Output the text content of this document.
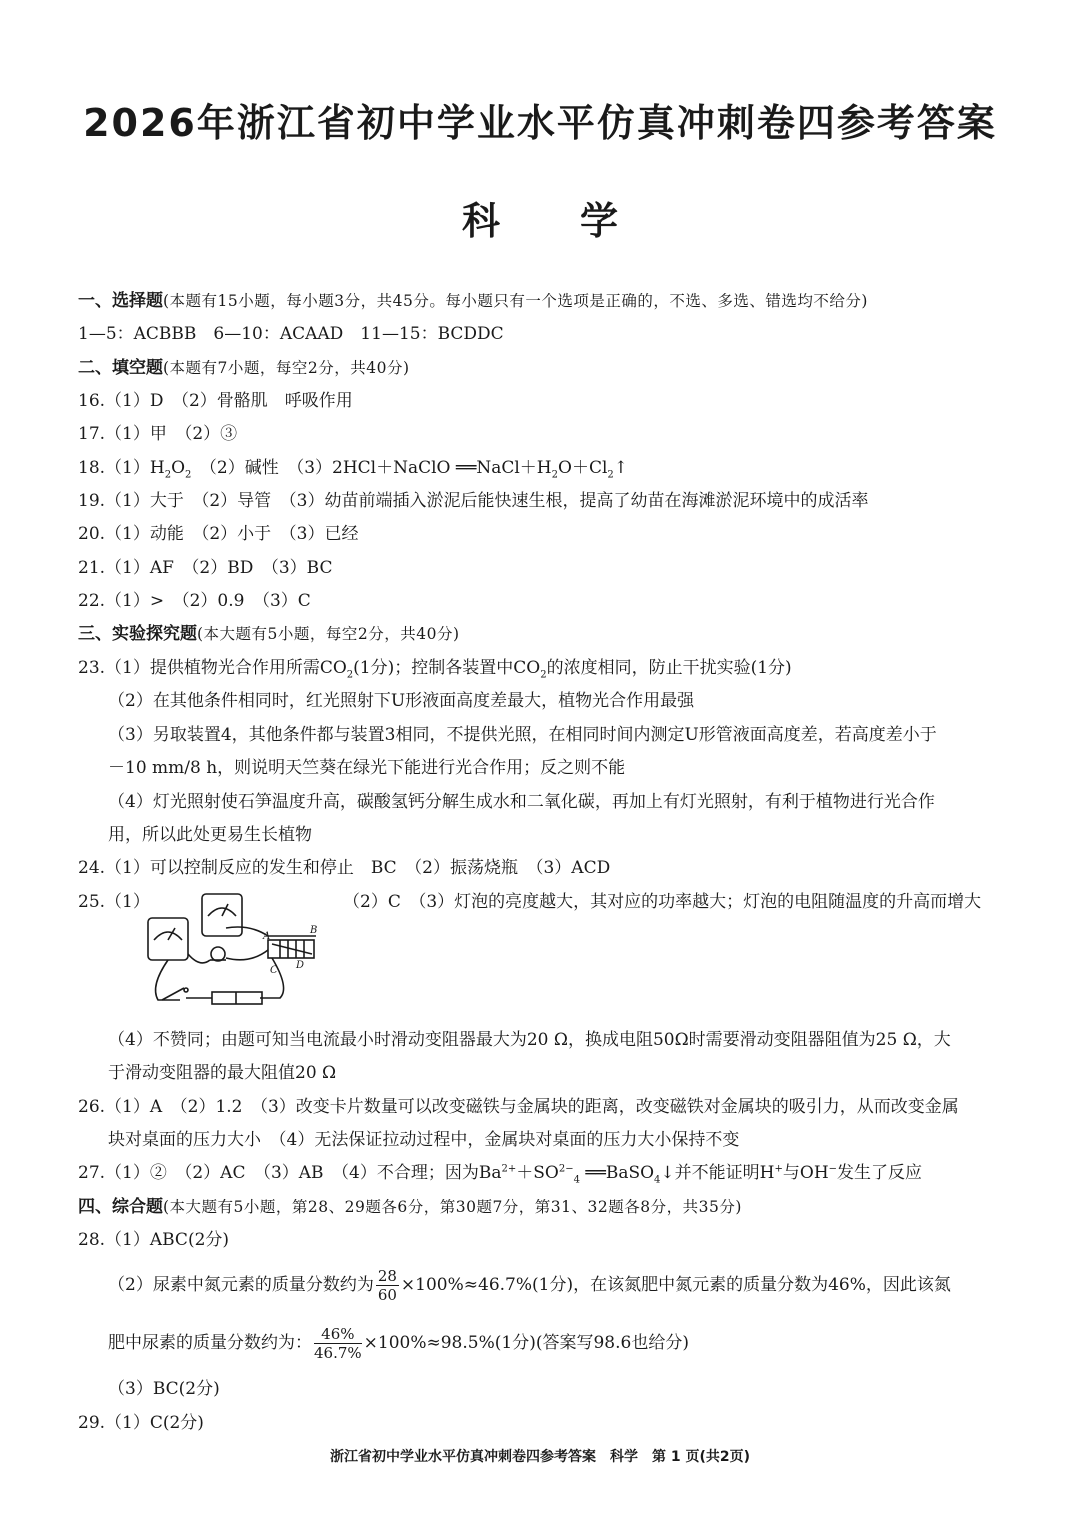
2026年浙江省初中学业水平仿真冲刺卷四参考答案
科学
一、选择题(本题有15小题，每小题3分，共45分。每小题只有一个选项是正确的，不选、多选、错选均不给分)
1—5：ACBBB　6—10：ACAAD　11—15：BCDDC
二、填空题(本题有7小题，每空2分，共40分)
16.（1）D　（2）骨骼肌　呼吸作用
17.（1）甲　（2）③
$18.(1)H_2O_2$　（2）碱性　（3）2HCl＋NaClO $══NaCl+H_2O+Cl_2↑$
19.（1）大于　（2）导管　（3）幼苗前端插入淤泥后能快速生根，提高了幼苗在海滩淤泥环境中的成活率
20.（1）动能　（2）小于　（3）已经
21.（1）AF　（2）BD　（3）BC
22.（1）>　（2）0.9　（3）C
三、实验探究题(本大题有5小题，每空2分，共40分)
23.（1）提供植物光合作用所需$CO_2(1$分)；控制各装置中$CO_2$的浓度相同，防止干扰实验(1分)
（2）在其他条件相同时，红光照射下U形液面高度差最大，植物光合作用最强
（3）另取装置4，其他条件都与装置3相同，不提供光照，在相同时间内测定U形管液面高度差，若高度差小于
－10 mm/8 h，则说明天竺葵在绿光下能进行光合作用；反之则不能
（4）灯光照射使石笋温度升高，碳酸氢钙分解生成水和二氧化碳，再加上有灯光照射，有利于植物进行光合作
用，所以此处更易生长植物
24.（1）可以控制反应的发生和停止　BC　（2）振荡烧瓶　（3）ACD
25.（1）	（2）C　（3）灯泡的亮度越大，其对应的功率越大；灯泡的电阻随温度的升高而增大
A
B
C D
（4）不赞同；由题可知当电流最小时滑动变阻器最大为20 Ω，换成电阻50Ω时需要滑动变阻器阻值为25 Ω，大
于滑动变阻器的最大阻值20 Ω
26.（1）A　（2）1.2　（3）改变卡片数量可以改变磁铁与金属块的距离，改变磁铁对金属块的吸引力，从而改变金属
块对桌面的压力大小　（4）无法保证拉动过程中，金属块对桌面的压力大小保持不变
27.（1）②　（2）AC　（3）AB　（4）不合理；因为$Ba^{2+}+SO^{2-}_4$ ══BaSO$_4$↓并不能证明H+与OH−发生了反应
四、综合题(本大题有5小题，第28、29题各6分，第30题7分，第31、32题各8分，共35分)
28.（1）ABC(2分)
（2）尿素中氮元素的质量分数约为 $\frac{28}{60} \times 100\%\approx 46.7\%(1$分)，在该氮肥中氮元素的质量分数为46%，因此该氮
肥中尿素的质量分数约为： $\frac{46\%}{46.7\%} \times 100\%\approx 98.5\%(1$分)(答案写98.6也给分)
（3）BC(2分)
29.（1）C(2分)
浙江省初中学业水平仿真冲刺卷四参考答案　科学　第 1 页(共2页)
